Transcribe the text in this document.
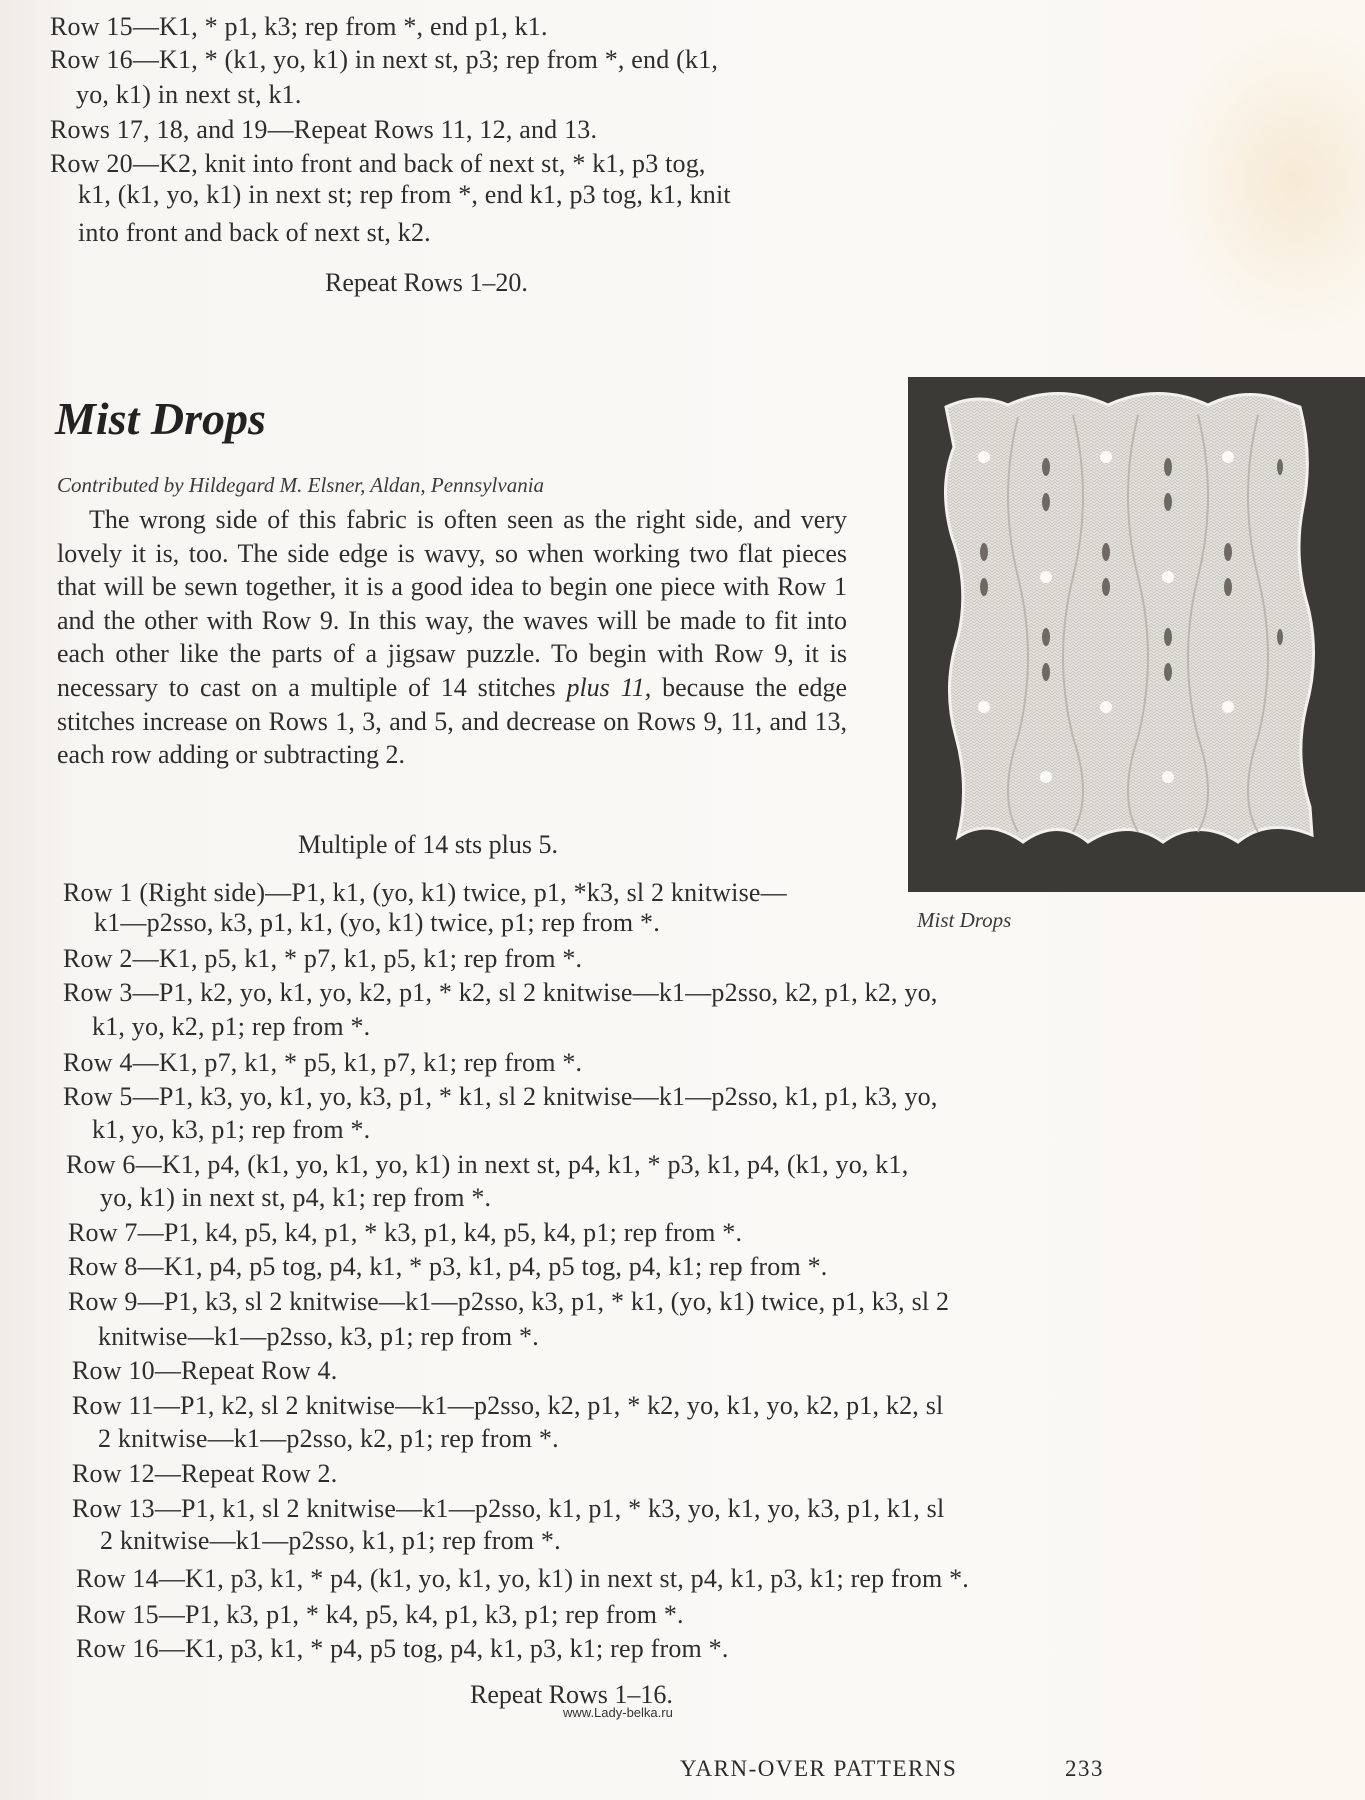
Row 15—K1, * p1, k3; rep from *, end p1, k1.
Row 16—K1, * (k1, yo, k1) in next st, p3; rep from *, end (k1,
yo, k1) in next st, k1.
Rows 17, 18, and 19—Repeat Rows 11, 12, and 13.
Row 20—K2, knit into front and back of next st, * k1, p3 tog,
k1, (k1, yo, k1) in next st; rep from *, end k1, p3 tog, k1, knit
into front and back of next st, k2.
Repeat Rows 1–20.
Mist Drops
Contributed by Hildegard M. Elsner, Aldan, Pennsylvania
The wrong side of this fabric is often seen as the right side, and very lovely it is, too. The side edge is wavy, so when working two flat pieces that will be sewn together, it is a good idea to begin one piece with Row 1 and the other with Row 9. In this way, the waves will be made to fit into each other like the parts of a jigsaw puzzle. To begin with Row 9, it is necessary to cast on a multiple of 14 stitches plus 11, because the edge stitches increase on Rows 1, 3, and 5, and decrease on Rows 9, 11, and 13, each row adding or subtracting 2.
Mist Drops
Multiple of 14 sts plus 5.
Row 1 (Right side)—P1, k1, (yo, k1) twice, p1, *k3, sl 2 knitwise—
k1—p2sso, k3, p1, k1, (yo, k1) twice, p1; rep from *.
Row 2—K1, p5, k1, * p7, k1, p5, k1; rep from *.
Row 3—P1, k2, yo, k1, yo, k2, p1, * k2, sl 2 knitwise—k1—p2sso, k2, p1, k2, yo,
k1, yo, k2, p1; rep from *.
Row 4—K1, p7, k1, * p5, k1, p7, k1; rep from *.
Row 5—P1, k3, yo, k1, yo, k3, p1, * k1, sl 2 knitwise—k1—p2sso, k1, p1, k3, yo,
k1, yo, k3, p1; rep from *.
Row 6—K1, p4, (k1, yo, k1, yo, k1) in next st, p4, k1, * p3, k1, p4, (k1, yo, k1,
yo, k1) in next st, p4, k1; rep from *.
Row 7—P1, k4, p5, k4, p1, * k3, p1, k4, p5, k4, p1; rep from *.
Row 8—K1, p4, p5 tog, p4, k1, * p3, k1, p4, p5 tog, p4, k1; rep from *.
Row 9—P1, k3, sl 2 knitwise—k1—p2sso, k3, p1, * k1, (yo, k1) twice, p1, k3, sl 2
knitwise—k1—p2sso, k3, p1; rep from *.
Row 10—Repeat Row 4.
Row 11—P1, k2, sl 2 knitwise—k1—p2sso, k2, p1, * k2, yo, k1, yo, k2, p1, k2, sl
2 knitwise—k1—p2sso, k2, p1; rep from *.
Row 12—Repeat Row 2.
Row 13—P1, k1, sl 2 knitwise—k1—p2sso, k1, p1, * k3, yo, k1, yo, k3, p1, k1, sl
2 knitwise—k1—p2sso, k1, p1; rep from *.
Row 14—K1, p3, k1, * p4, (k1, yo, k1, yo, k1) in next st, p4, k1, p3, k1; rep from *.
Row 15—P1, k3, p1, * k4, p5, k4, p1, k3, p1; rep from *.
Row 16—K1, p3, k1, * p4, p5 tog, p4, k1, p3, k1; rep from *.
Repeat Rows 1–16.
www.Lady-belka.ru
YARN-OVER PATTERNS	233
